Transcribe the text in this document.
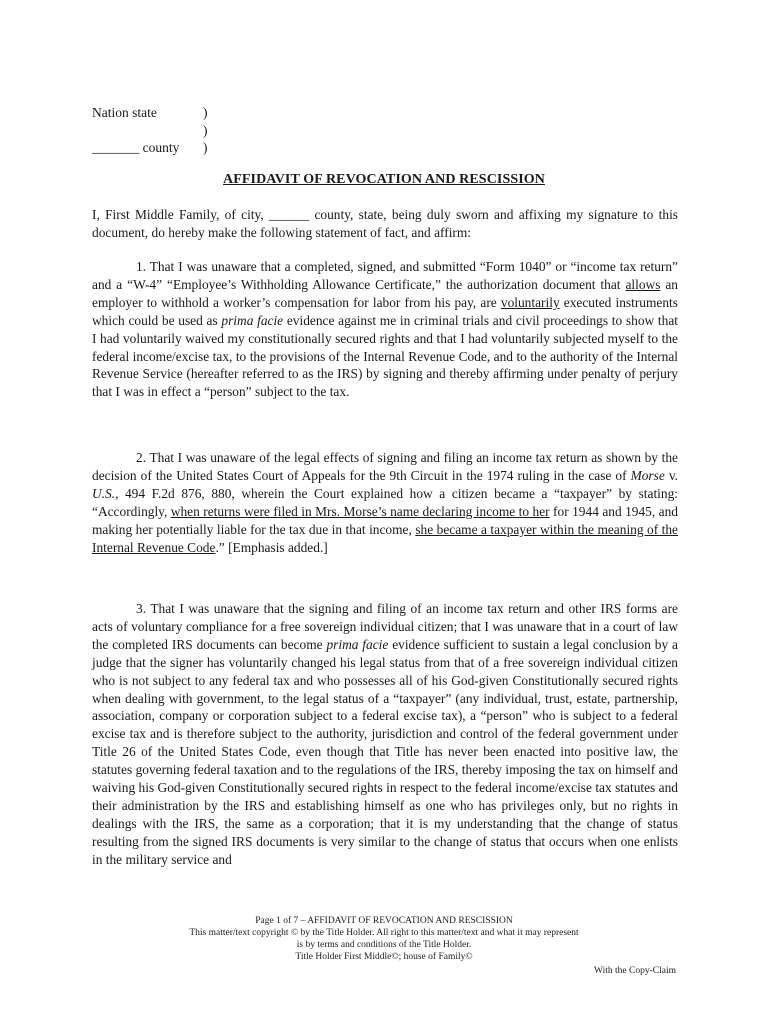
Nation state	)
)
_______ county )
AFFIDAVIT OF REVOCATION AND RESCISSION

I, First Middle Family, of city, ______ county, state, being duly sworn and affixing my signature to this document, do hereby make the following statement of fact, and affirm:

1. That I was unaware that a completed, signed, and submitted “Form 1040” or “income tax return” and a “W-4” “Employee’s Withholding Allowance Certificate,” the authorization document that allows an employer to withhold a worker’s compensation for labor from his pay, are voluntarily executed instruments which could be used as prima facie evidence against me in criminal trials and civil proceedings to show that I had voluntarily waived my constitutionally secured rights and that I had voluntarily subjected myself to the federal income/excise tax, to the provisions of the Internal Revenue Code, and to the authority of the Internal Revenue Service (hereafter referred to as the IRS) by signing and thereby affirming under penalty of perjury that I was in effect a “person” subject to the tax.

2. That I was unaware of the legal effects of signing and filing an income tax return as shown by the decision of the United States Court of Appeals for the 9th Circuit in the 1974 ruling in the case of Morse v. U.S., 494 F.2d 876, 880, wherein the Court explained how a citizen became a “taxpayer” by stating: “Accordingly, when returns were filed in Mrs. Morse’s name declaring income to her for 1944 and 1945, and making her potentially liable for the tax due in that income, she became a taxpayer within the meaning of the Internal Revenue Code.” [Emphasis added.]

3. That I was unaware that the signing and filing of an income tax return and other IRS forms are acts of voluntary compliance for a free sovereign individual citizen; that I was unaware that in a court of law the completed IRS documents can become prima facie evidence sufficient to sustain a legal conclusion by a judge that the signer has voluntarily changed his legal status from that of a free sovereign individual citizen who is not subject to any federal tax and who possesses all of his God-given Constitutionally secured rights when dealing with government, to the legal status of a “taxpayer” (any individual, trust, estate, partnership, association, company or corporation subject to a federal excise tax), a “person” who is subject to a federal excise tax and is therefore subject to the authority, jurisdiction and control of the federal government under Title 26 of the United States Code, even though that Title has never been enacted into positive law, the statutes governing federal taxation and to the regulations of the IRS, thereby imposing the tax on himself and waiving his God-given Constitutionally secured rights in respect to the federal income/excise tax statutes and their administration by the IRS and establishing himself as one who has privileges only, but no rights in dealings with the IRS, the same as a corporation; that it is my understanding that the change of status resulting from the signed IRS documents is very similar to the change of status that occurs when one enlists in the military service and

Page 1 of 7 – AFFIDAVIT OF REVOCATION AND RESCISSION
This matter/text copyright © by the Title Holder. All right to this matter/text and what it may represent
is by terms and conditions of the Title Holder.
Title Holder First Middle©; house of Family©
With the Copy-Claim
